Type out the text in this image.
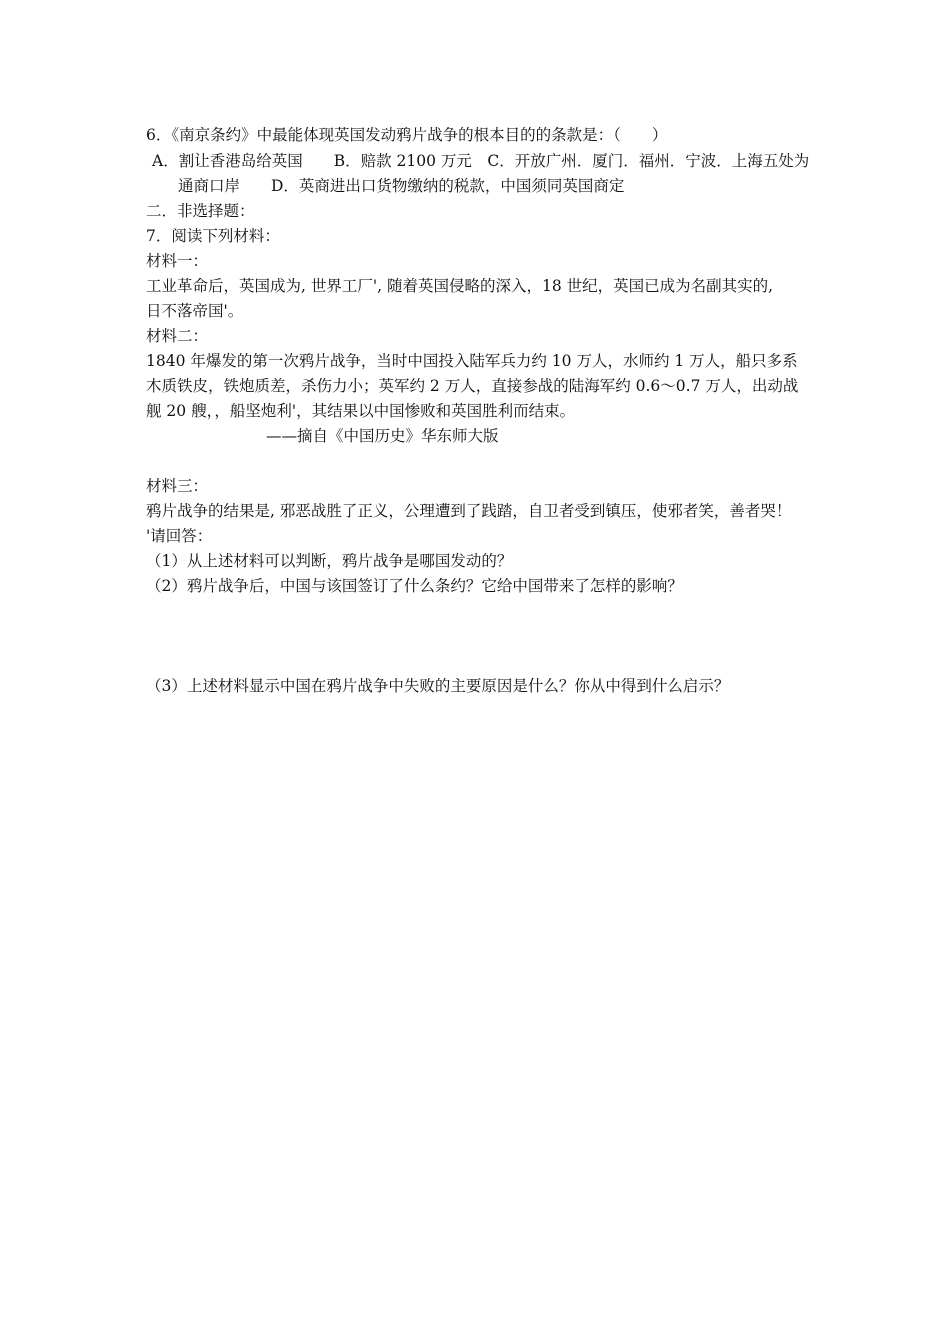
6．《南京条约》中最能体现英国发动鸦片战争的根本目的的条款是：（　　）
A．割让香港岛给英国　　B．赔款 2100 万元　C．开放广州．厦门．福州．宁波．上海五处为
通商口岸　　D．英商进出口货物缴纳的税款，中国须同英国商定
二．非选择题：
7．阅读下列材料：
材料一：
工业革命后，英国成为, 世界工厂', 随着英国侵略的深入，18 世纪，英国已成为名副其实的,
日不落帝国'。
材料二：
1840 年爆发的第一次鸦片战争，当时中国投入陆军兵力约 10 万人，水师约 1 万人，船只多系
木质铁皮，铁炮质差，杀伤力小；英军约 2 万人，直接参战的陆海军约 0.6～0.7 万人，出动战
舰 20 艘，，船坚炮利'，其结果以中国惨败和英国胜利而结束。
——摘自《中国历史》华东师大版
材料三：
鸦片战争的结果是, 邪恶战胜了正义，公理遭到了践踏，自卫者受到镇压，使邪者笑，善者哭！
'请回答：
（1）从上述材料可以判断，鸦片战争是哪国发动的？
（2）鸦片战争后，中国与该国签订了什么条约？它给中国带来了怎样的影响？
（3）上述材料显示中国在鸦片战争中失败的主要原因是什么？你从中得到什么启示？
